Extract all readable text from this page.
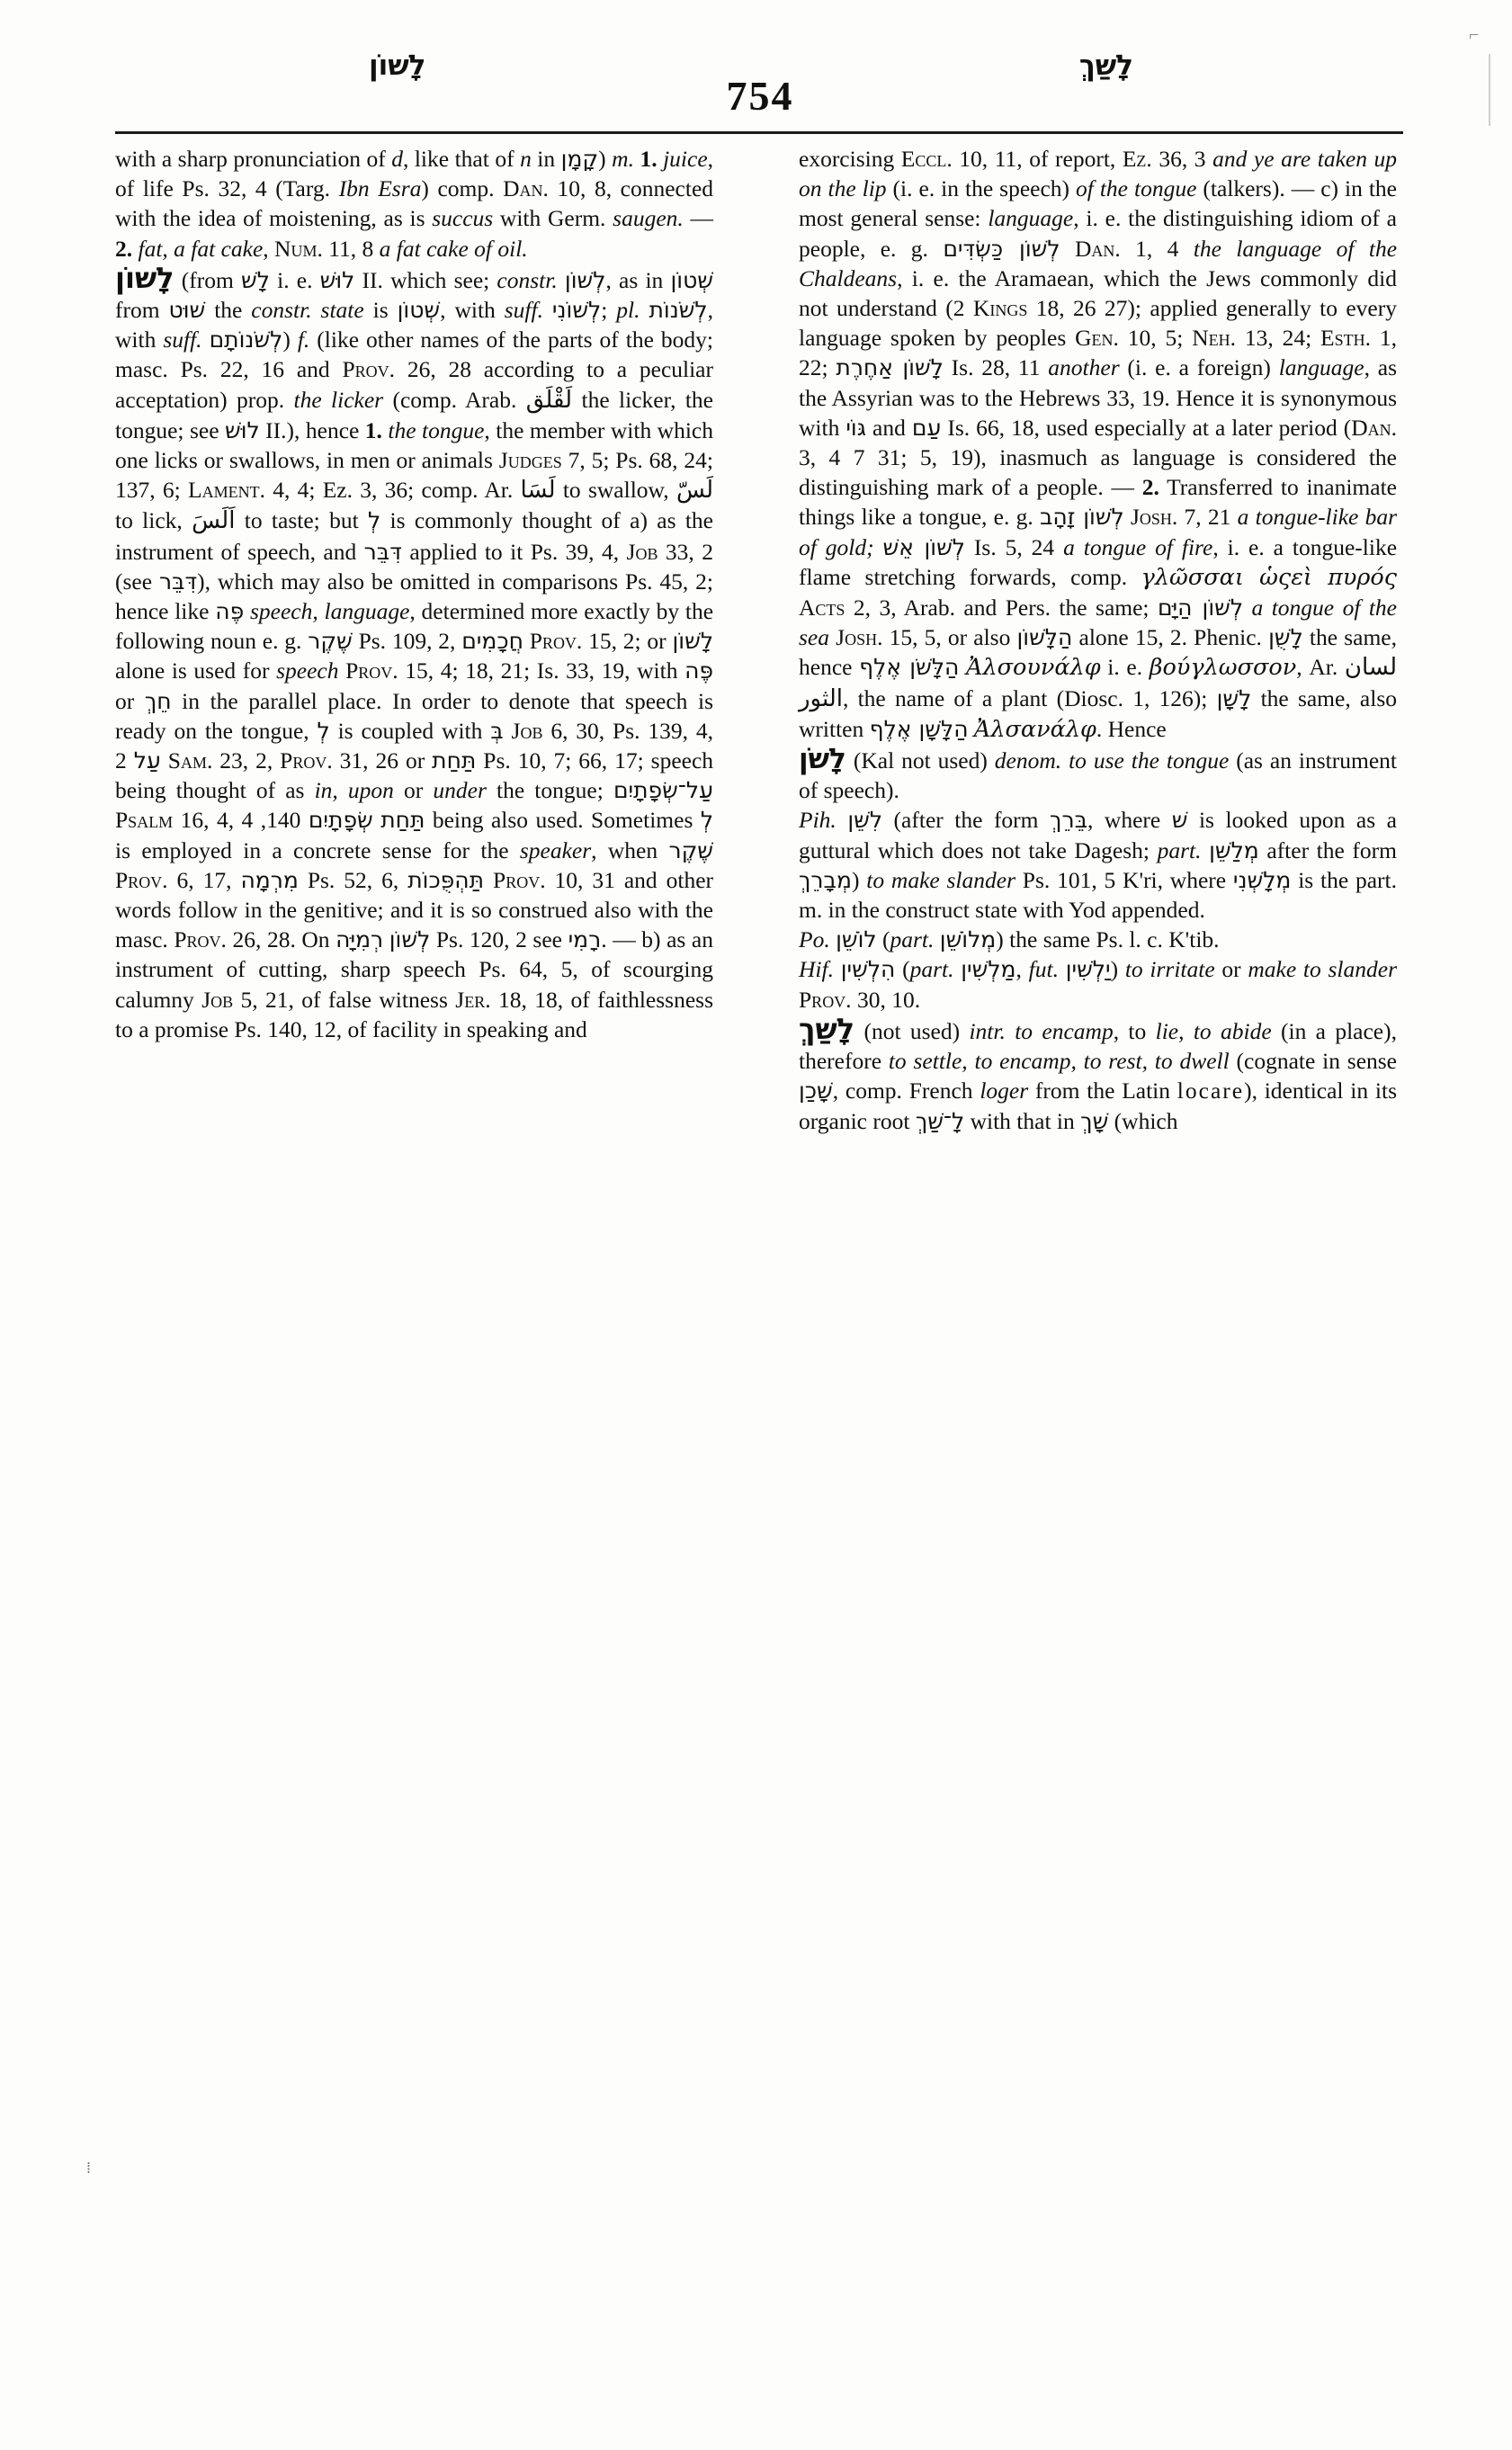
⌐
לָשׁוֹן
754
לָשַׁךְ

with a sharp pronunciation of d, like that of n in קָמָן) m. 1. juice, of life Ps. 32, 4 (Targ. Ibn Esra) comp. Dan. 10, 8, connected with the idea of moistening, as is succus with Germ. saugen. — 2. fat, a fat cake, Num. 11, 8 a fat cake of oil.

לָשׁוֹן (from לָשׁ i. e. לוּשׁ II. which see; constr. לְשׁוֹן, as in שְׁטוֹן from שׁוּט the constr. state is שְׁטוֹן, with suff. לְשׁוֹנִי; pl. לְשֹׁנוֹת, with suff. לְשֹׁנוֹתָם) f. (like other names of the parts of the body; masc. Ps. 22, 16 and Prov. 26, 28 according to a peculiar acceptation) prop. the licker (comp. Arab. لَقْلَق the licker, the tongue; see לוּשׁ II.), hence 1. the tongue, the member with which one licks or swallows, in men or animals Judges 7, 5; Ps. 68, 24; 137, 6; Lament. 4, 4; Ez. 3, 36; comp. Ar. لَسَا to swallow, لَسّ to lick, اَلَسَ to taste; but לְ is commonly thought of a) as the instrument of speech, and דִּבֵּר applied to it Ps. 39, 4, Job 33, 2 (see דִּבֵּר), which may also be omitted in comparisons Ps. 45, 2; hence like פֶּה speech, language, determined more exactly by the following noun e. g. שֶׁקֶר Ps. 109, 2, חֲכָמִים Prov. 15, 2; or לָשׁוֹן alone is used for speech Prov. 15, 4; 18, 21; Is. 33, 19, with פֶּה or חֵךְ in the parallel place. In order to denote that speech is ready on the tongue, לְ is coupled with בְּ Job 6, 30, Ps. 139, 4, עַל 2 Sam. 23, 2, Prov. 31, 26 or תַּחַת Ps. 10, 7; 66, 17; speech being thought of as in, upon or under the tongue; עַל־שְׂפָתָיִם Psalm 16, 4,	תַּחַת שְׂפָתָיִם 140, 4 being also used. Sometimes לְ is employed in a concrete sense for the speaker, when שֶׁקֶר Prov. 6, 17, מִרְמָה Ps. 52, 6, תַּהְפֻּכוֹת Prov. 10, 31 and other words follow in the genitive; and it is so construed also with the masc. Prov. 26, 28. On לְשׁוֹן רְמִיָּה Ps. 120, 2 see רָמִי. — b) as an instrument of cutting, sharp speech Ps. 64, 5, of scourging calumny Job 5, 21, of false witness Jer. 18, 18, of faithlessness to a promise Ps. 140, 12, of facility in speaking and

exorcising Eccl. 10, 11, of report, Ez. 36, 3 and ye are taken up on the lip (i. e. in the speech) of the tongue (talkers). — c) in the most general sense: language, i. e. the distinguishing idiom of a people, e. g. לְשׁוֹן כַּשְׂדִּים Dan. 1, 4 the language of the Chaldeans, i. e. the Aramaean, which the Jews commonly did not understand (2 Kings 18, 26 27); applied generally to every language spoken by peoples Gen. 10, 5; Neh. 13, 24; Esth. 1, 22; לָשׁוֹן אַחֶרֶת Is. 28, 11 another (i. e. a foreign) language, as the Assyrian was to the Hebrews 33, 19. Hence it is synonymous with גּוֹי and עַם Is. 66, 18, used especially at a later period (Dan. 3, 4 7 31; 5, 19), inasmuch as language is considered the distinguishing mark of a people. — 2. Transferred to inanimate things like a tongue, e. g. לְשׁוֹן זָהָב Josh. 7, 21 a tongue-like bar of gold; לְשׁוֹן אֵשׁ Is. 5, 24 a tongue of fire, i. e. a tongue-like flame stretching forwards, comp. γλῶσσαι ὡςεὶ πυρός Acts 2, 3, Arab. and Pers. the same; לְשׁוֹן הַיָּם a tongue of the sea Josh. 15, 5, or also הַלָּשׁוֹן alone 15, 2. Phenic. לָשֻׁן the same, hence הַלָּשֹׁן אֶלֶף Ἀλσουνάλφ i. e. βούγλωσσον, Ar. لسان الثور, the name of a plant (Diosc. 1, 126); לָשָׁן the same, also written הַלָּשָׁן אֶלֶף Ἀλσανάλφ. Hence

לָשֹׁן (Kal not used) denom. to use the tongue (as an instrument of speech).

Pih. לִשֵּׁן (after the form בֵּרֵךְ, where שׁ is looked upon as a guttural which does not take Dagesh; part. מְלַשֵּׁן after the form מְבָרֵךְ) to make slander Ps. 101, 5 K'ri, where מְלָשְׁנִי is the part. m. in the construct state with Yod appended.

Po. לוֹשֵׁן (part. מְלוֹשֵׁן) the same Ps. l. c. K'tib.

Hif. הִלְשִׁין (part. מַלְשִׁין, fut. יַלְשִׁין) to irritate or make to slander Prov. 30, 10.

לָשַׁךְ (not used) intr. to encamp, to lie, to abide (in a place), therefore to settle, to encamp, to rest, to dwell (cognate in sense שָׁכַן, comp. French loger from the Latin locare), identical in its organic root לָ־שַׁךְ with that in שָׁךְ (which

⁞
